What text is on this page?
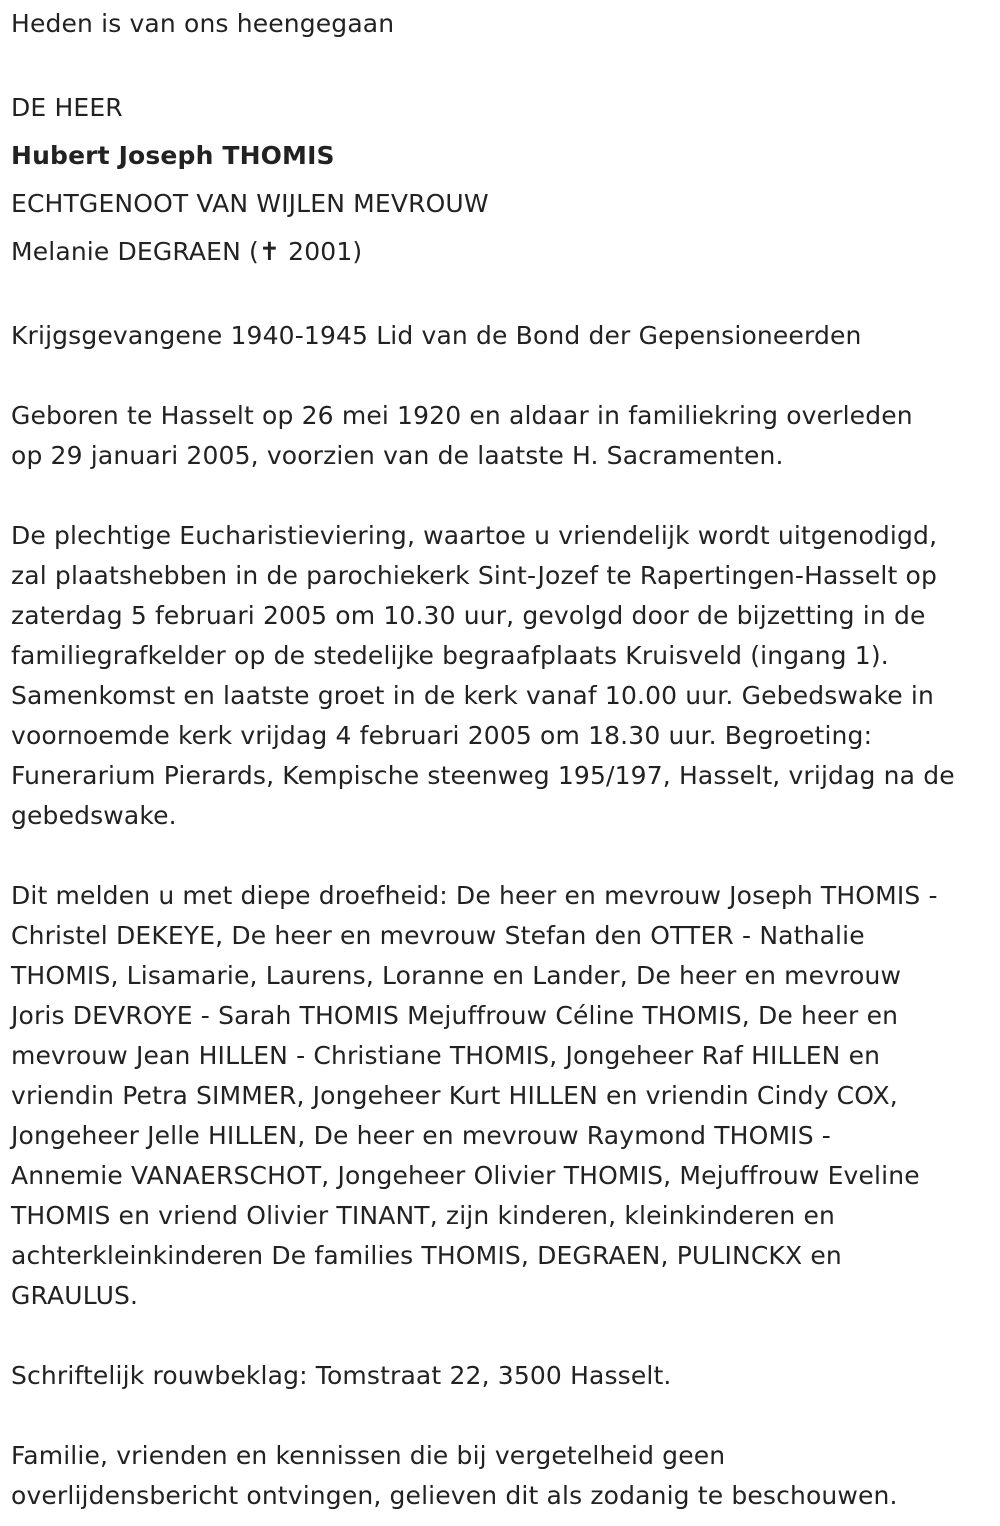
Heden is van ons heengegaan

DE HEER

Hubert Joseph THOMIS

ECHTGENOOT VAN WIJLEN MEVROUW

Melanie DEGRAEN (✝ 2001)

Krijgsgevangene 1940-1945 Lid van de Bond der Gepensioneerden

Geboren te Hasselt op 26 mei 1920 en aldaar in familiekring overleden

op 29 januari 2005, voorzien van de laatste H. Sacramenten.

De plechtige Eucharistieviering, waartoe u vriendelijk wordt uitgenodigd,

zal plaatshebben in de parochiekerk Sint-Jozef te Rapertingen-Hasselt op

zaterdag 5 februari 2005 om 10.30 uur, gevolgd door de bijzetting in de

familiegrafkelder op de stedelijke begraafplaats Kruisveld (ingang 1).

Samenkomst en laatste groet in de kerk vanaf 10.00 uur. Gebedswake in

voornoemde kerk vrijdag 4 februari 2005 om 18.30 uur. Begroeting:

Funerarium Pierards, Kempische steenweg 195/197, Hasselt, vrijdag na de

gebedswake.

Dit melden u met diepe droefheid: De heer en mevrouw Joseph THOMIS -

Christel DEKEYE, De heer en mevrouw Stefan den OTTER - Nathalie

THOMIS, Lisamarie, Laurens, Loranne en Lander, De heer en mevrouw

Joris DEVROYE - Sarah THOMIS Mejuffrouw Céline THOMIS, De heer en

mevrouw Jean HILLEN - Christiane THOMIS, Jongeheer Raf HILLEN en

vriendin Petra SIMMER, Jongeheer Kurt HILLEN en vriendin Cindy COX,

Jongeheer Jelle HILLEN, De heer en mevrouw Raymond THOMIS -

Annemie VANAERSCHOT, Jongeheer Olivier THOMIS, Mejuffrouw Eveline

THOMIS en vriend Olivier TINANT, zijn kinderen, kleinkinderen en

achterkleinkinderen De families THOMIS, DEGRAEN, PULINCKX en

GRAULUS.

Schriftelijk rouwbeklag: Tomstraat 22, 3500 Hasselt.

Familie, vrienden en kennissen die bij vergetelheid geen

overlijdensbericht ontvingen, gelieven dit als zodanig te beschouwen.
